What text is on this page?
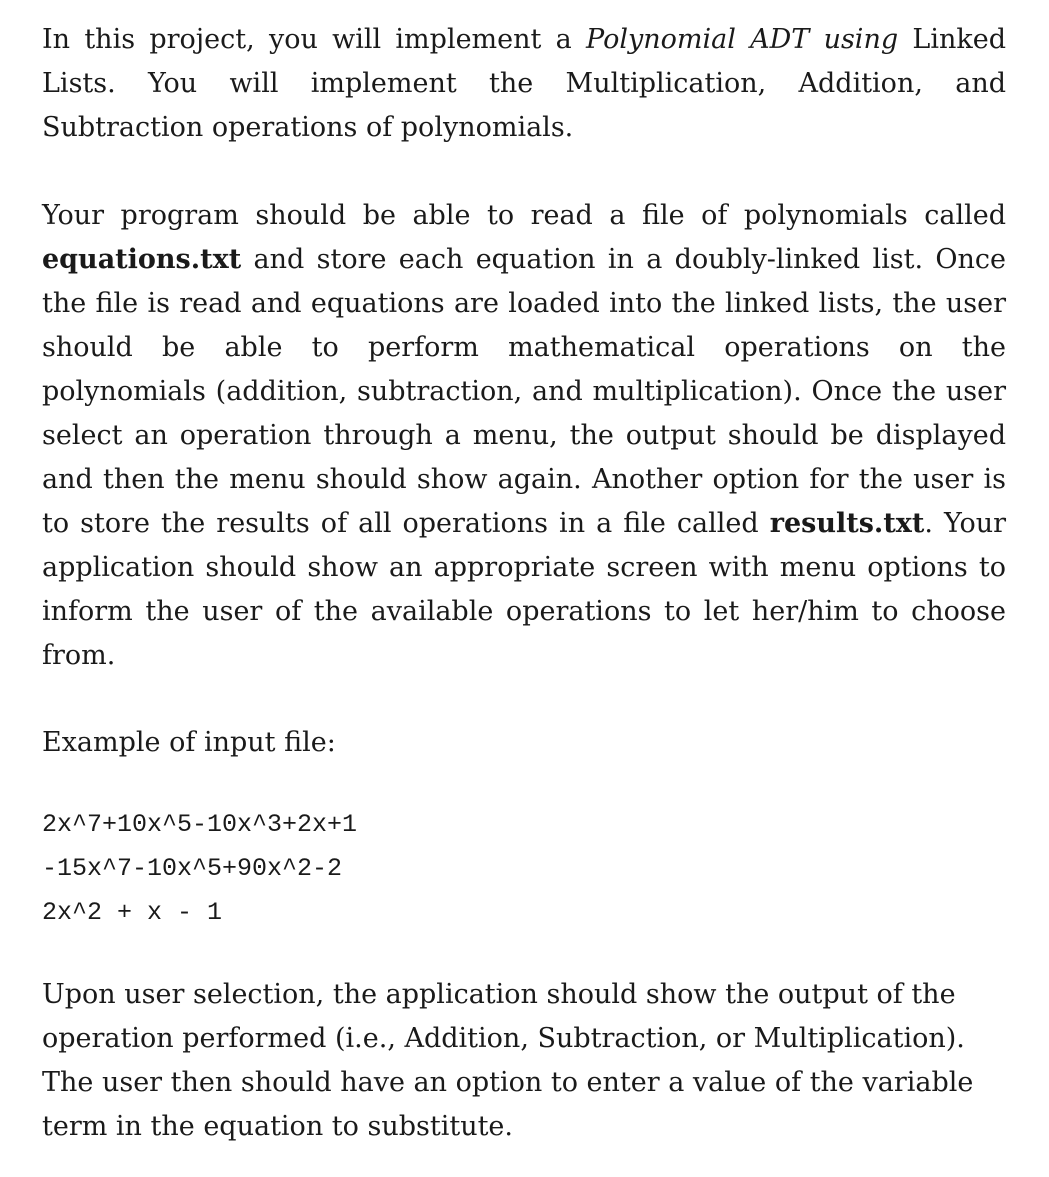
In this project, you will implement a Polynomial ADT using Linked Lists. You will implement the Multiplication, Addition, and Subtraction operations of polynomials.

Your program should be able to read a file of polynomials called equations.txt and store each equation in a doubly-linked list. Once the file is read and equations are loaded into the linked lists, the user should be able to perform mathematical operations on the polynomials (addition, subtraction, and multiplication). Once the user select an operation through a menu, the output should be displayed and then the menu should show again. Another option for the user is to store the results of all operations in a file called results.txt. Your application should show an appropriate screen with menu options to inform the user of the available operations to let her/him to choose from.

Example of input file:

2x^7+10x^5-10x^3+2x+1
-15x^7-10x^5+90x^2-2
2x^2 + x - 1

Upon user selection, the application should show the output of the operation performed (i.e., Addition, Subtraction, or Multiplication). The user then should have an option to enter a value of the variable term in the equation to substitute.
